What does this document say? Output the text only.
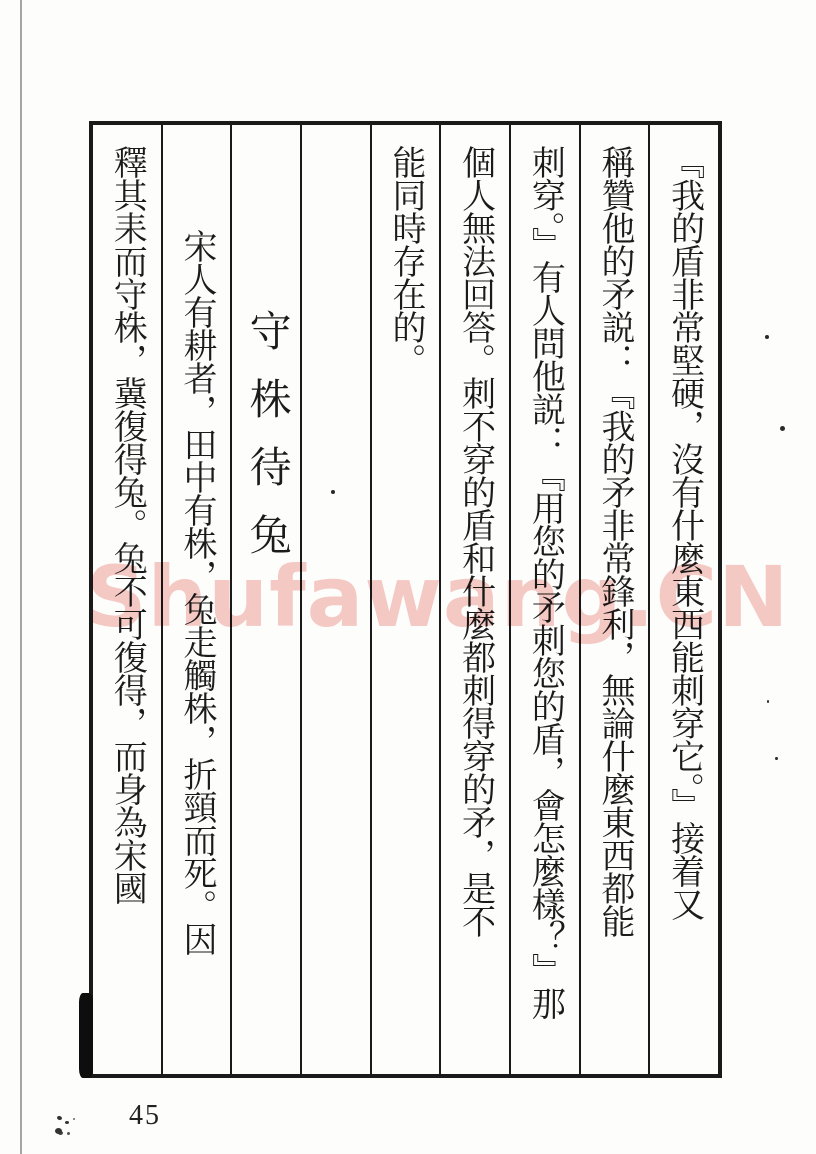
『我的盾非常堅硬，沒有什麼東西能刺穿它。』接着又
稱贊他的矛説：『我的矛非常鋒利，無論什麼東西都能
刺穿。』有人問他説：『用您的矛刺您的盾，會怎麼樣？』那
個人無法回答。刺不穿的盾和什麼都刺得穿的矛，是不
能同時存在的。
守株待兔
宋人有耕者，田中有株，兔走觸株，折頸而死。因
釋其耒而守株，冀復得兔。兔不可復得，而身為宋國
Shufawang.CN
45
